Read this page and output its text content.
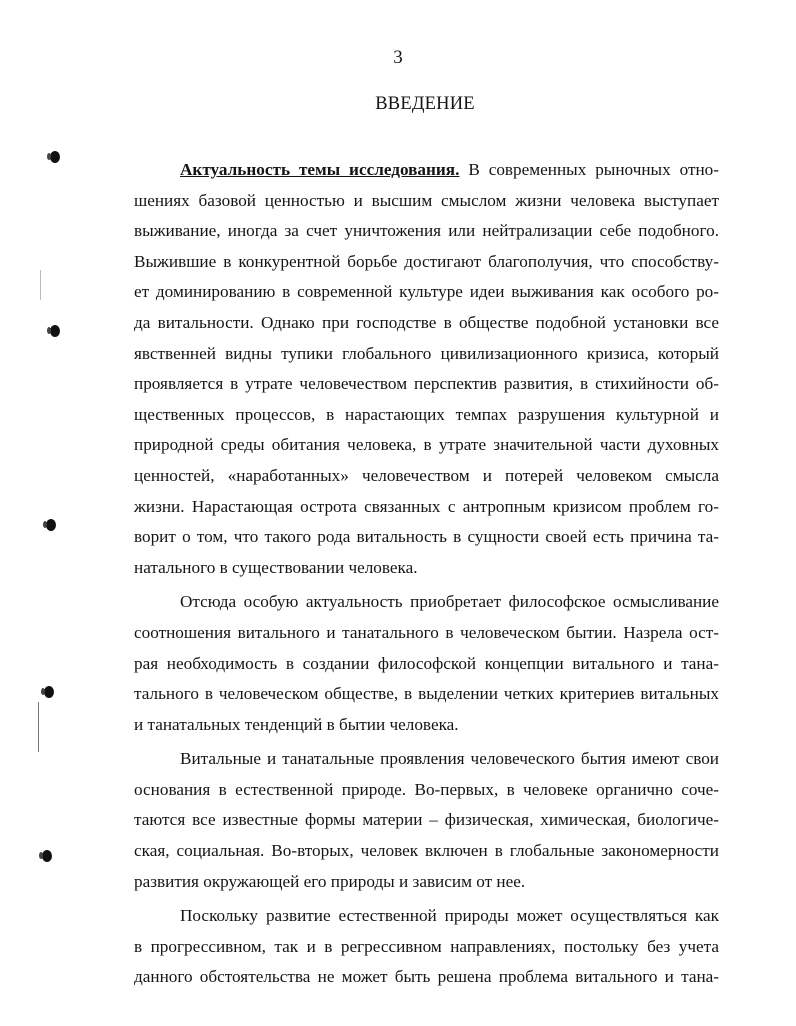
3
ВВЕДЕНИЕ
Актуальность темы исследования. В современных рыночных отно-
шениях базовой ценностью и высшим смыслом жизни человека выступает
выживание, иногда за счет уничтожения или нейтрализации себе подобного.
Выжившие в конкурентной борьбе достигают благополучия, что способству-
ет доминированию в современной культуре идеи выживания как особого ро-
да витальности. Однако при господстве в обществе подобной установки все
явственней видны тупики глобального цивилизационного кризиса, который
проявляется в утрате человечеством перспектив развития, в стихийности об-
щественных процессов, в нарастающих темпах разрушения культурной и
природной среды обитания человека, в утрате значительной части духовных
ценностей, «наработанных» человечеством и потерей человеком смысла
жизни. Нарастающая острота связанных с антропным кризисом проблем го-
ворит о том, что такого рода витальность в сущности своей есть причина та-
натального в существовании человека.
Отсюда особую актуальность приобретает философское осмысливание
соотношения витального и танатального в человеческом бытии. Назрела ост-
рая необходимость в создании философской концепции витального и тана-
тального в человеческом обществе, в выделении четких критериев витальных
и танатальных тенденций в бытии человека.
Витальные и танатальные проявления человеческого бытия имеют свои
основания в естественной природе. Во-первых, в человеке органично соче-
таются все известные формы материи – физическая, химическая, биологиче-
ская, социальная. Во-вторых, человек включен в глобальные закономерности
развития окружающей его природы и зависим от нее.
Поскольку развитие естественной природы может осуществляться как
в прогрессивном, так и в регрессивном направлениях, постольку без учета
данного обстоятельства не может быть решена проблема витального и тана-
